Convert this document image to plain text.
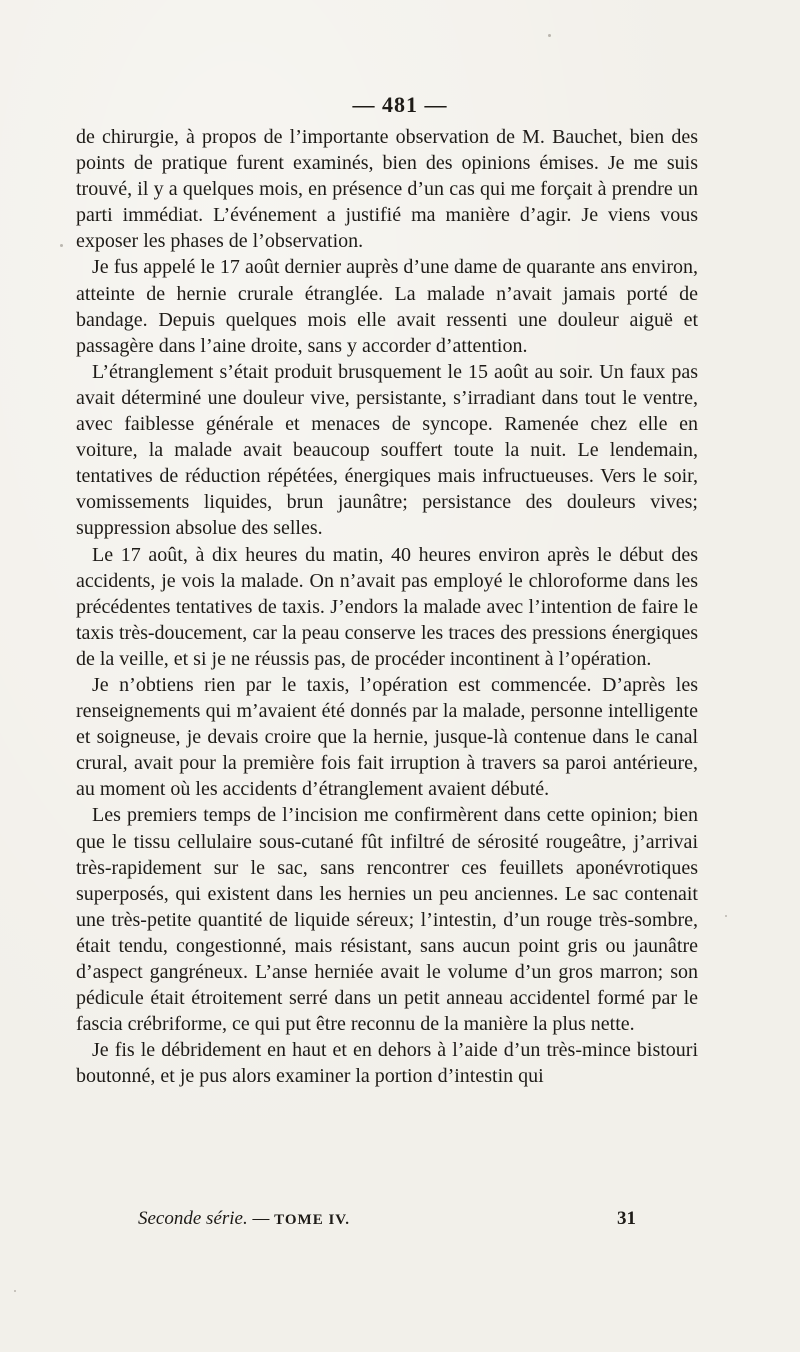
— 481 —

de chirurgie, à propos de l’importante observation de M. Bauchet, bien des points de pratique furent examinés, bien des opinions émises. Je me suis trouvé, il y a quelques mois, en présence d’un cas qui me forçait à prendre un parti immédiat. L’événement a justifié ma manière d’agir. Je viens vous exposer les phases de l’observation.

Je fus appelé le 17 août dernier auprès d’une dame de quarante ans environ, atteinte de hernie crurale étranglée. La malade n’avait jamais porté de bandage. Depuis quelques mois elle avait ressenti une douleur aiguë et passagère dans l’aine droite, sans y accorder d’attention.

L’étranglement s’était produit brusquement le 15 août au soir. Un faux pas avait déterminé une douleur vive, persistante, s’irradiant dans tout le ventre, avec faiblesse générale et menaces de syncope. Ramenée chez elle en voiture, la malade avait beaucoup souffert toute la nuit. Le lendemain, tentatives de réduction répétées, énergiques mais infructueuses. Vers le soir, vomissements liquides, brun jaunâtre; persistance des douleurs vives; suppression absolue des selles.

Le 17 août, à dix heures du matin, 40 heures environ après le début des accidents, je vois la malade. On n’avait pas employé le chloroforme dans les précédentes tentatives de taxis. J’endors la malade avec l’intention de faire le taxis très-doucement, car la peau conserve les traces des pressions énergiques de la veille, et si je ne réussis pas, de procéder incontinent à l’opération.

Je n’obtiens rien par le taxis, l’opération est commencée. D’après les renseignements qui m’avaient été donnés par la malade, personne intelligente et soigneuse, je devais croire que la hernie, jusque-là contenue dans le canal crural, avait pour la première fois fait irruption à travers sa paroi antérieure, au moment où les accidents d’étranglement avaient débuté.

Les premiers temps de l’incision me confirmèrent dans cette opinion; bien que le tissu cellulaire sous-cutané fût infiltré de sérosité rougeâtre, j’arrivai très-rapidement sur le sac, sans rencontrer ces feuillets aponévrotiques superposés, qui existent dans les hernies un peu anciennes. Le sac contenait une très-petite quantité de liquide séreux; l’intestin, d’un rouge très-sombre, était tendu, congestionné, mais résistant, sans aucun point gris ou jaunâtre d’aspect gangréneux. L’anse herniée avait le volume d’un gros marron; son pédicule était étroitement serré dans un petit anneau accidentel formé par le fascia crébriforme, ce qui put être reconnu de la manière la plus nette.

Je fis le débridement en haut et en dehors à l’aide d’un très-mince bistouri boutonné, et je pus alors examiner la portion d’intestin qui

Seconde série. — TOME IV.	31
